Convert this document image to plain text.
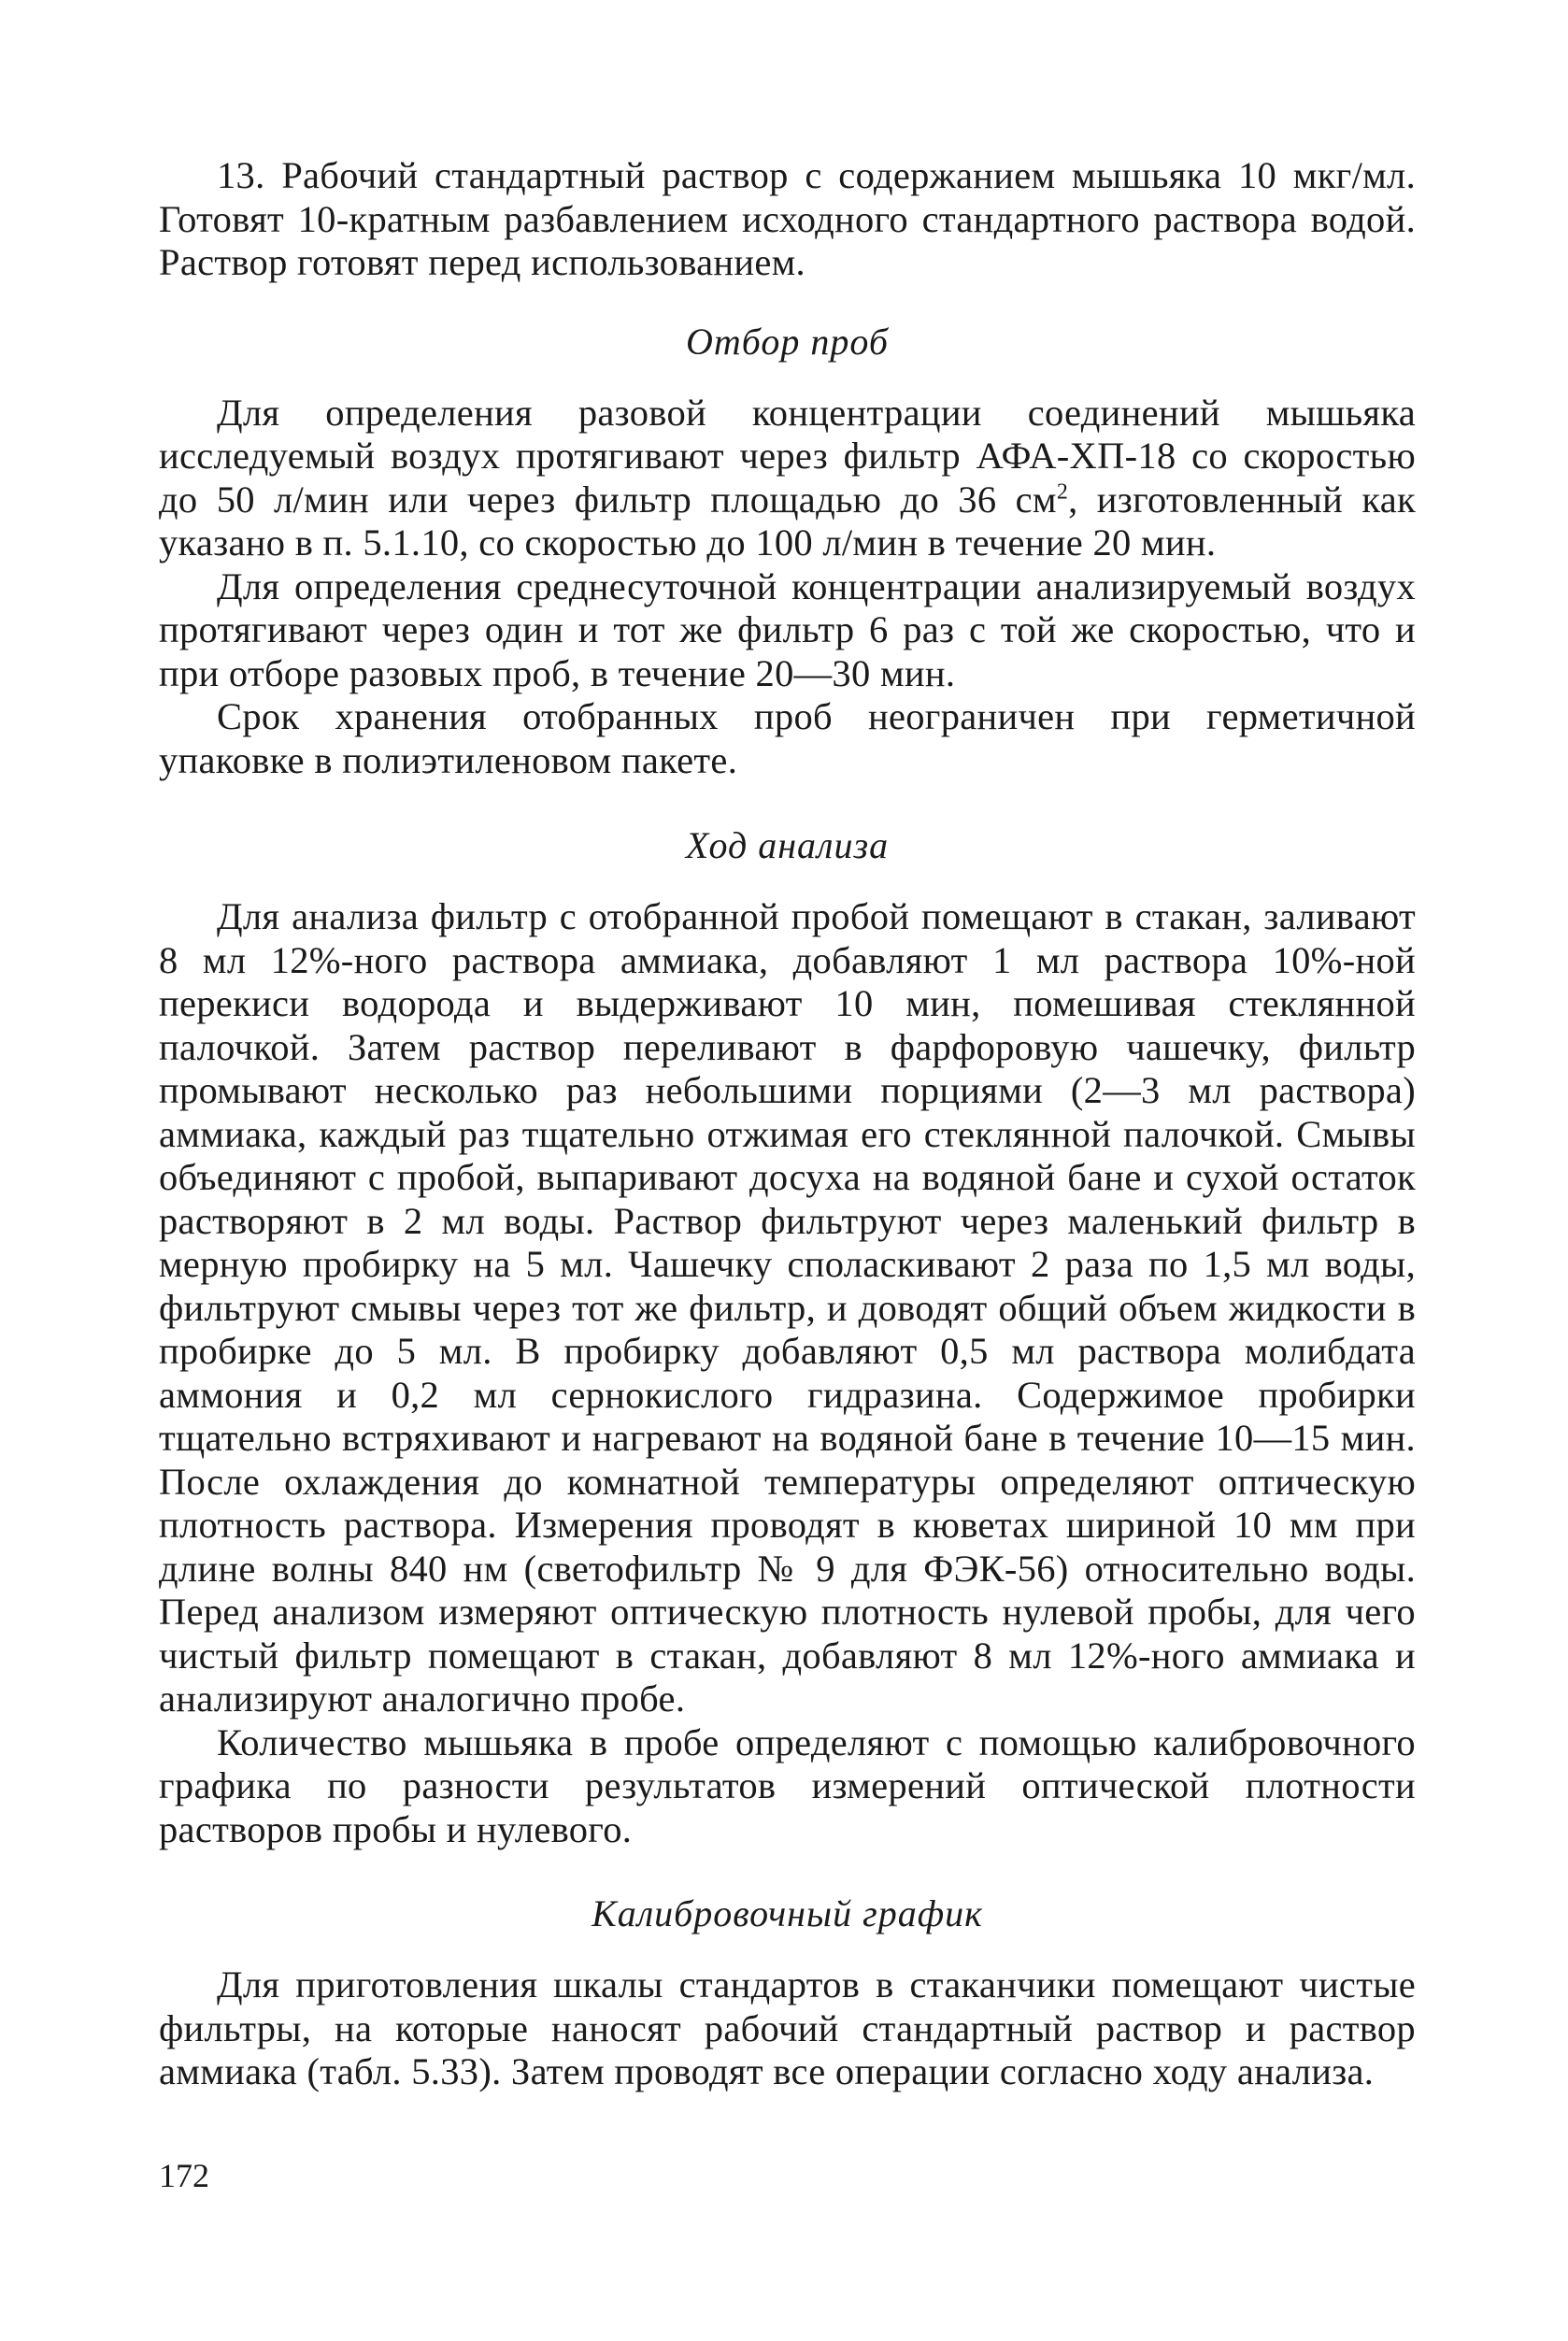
13. Рабочий стандартный раствор с содержанием мышьяка 10 мкг/мл. Готовят 10-кратным разбавлением исходного стандартного раствора водой. Раствор готовят перед использованием.

Отбор проб

Для определения разовой концентрации соединений мышьяка исследуемый воздух протягивают через фильтр АФА-ХП-18 со скоростью до 50 л/мин или через фильтр площадью до 36 $см^2$, изготовленный как указано в п. 5.1.10, со скоростью до 100 л/мин в течение 20 мин.

Для определения среднесуточной концентрации анализируемый воздух протягивают через один и тот же фильтр 6 раз с той же скоростью, что и при отборе разовых проб, в течение 20—30 мин.

Срок хранения отобранных проб неограничен при герметичной упаковке в полиэтиленовом пакете.

Ход анализа

Для анализа фильтр с отобранной пробой помещают в стакан, заливают 8 мл 12%-ного раствора аммиака, добавляют 1 мл раствора 10%-ной перекиси водорода и выдерживают 10 мин, помешивая стеклянной палочкой. Затем раствор переливают в фарфоровую чашечку, фильтр промывают несколько раз небольшими порциями (2—3 мл раствора) аммиака, каждый раз тщательно отжимая его стеклянной палочкой. Смывы объединяют с пробой, выпаривают досуха на водяной бане и сухой остаток растворяют в 2 мл воды. Раствор фильтруют через маленький фильтр в мерную пробирку на 5 мл. Чашечку споласкивают 2 раза по 1,5 мл воды, фильтруют смывы через тот же фильтр, и доводят общий объем жидкости в пробирке до 5 мл. В пробирку добавляют 0,5 мл раствора молибдата аммония и 0,2 мл сернокислого гидразина. Содержимое пробирки тщательно встряхивают и нагревают на водяной бане в течение 10—15 мин. После охлаждения до комнатной температуры определяют оптическую плотность раствора. Измерения проводят в кюветах шириной 10 мм при длине волны 840 нм (светофильтр № 9 для ФЭК-56) относительно воды. Перед анализом измеряют оптическую плотность нулевой пробы, для чего чистый фильтр помещают в стакан, добавляют 8 мл 12%-ного аммиака и анализируют аналогично пробе.

Количество мышьяка в пробе определяют с помощью калибровочного графика по разности результатов измерений оптической плотности растворов пробы и нулевого.

Калибровочный график

Для приготовления шкалы стандартов в стаканчики помещают чистые фильтры, на которые наносят рабочий стандартный раствор и раствор аммиака (табл. 5.33). Затем проводят все операции согласно ходу анализа.

172
